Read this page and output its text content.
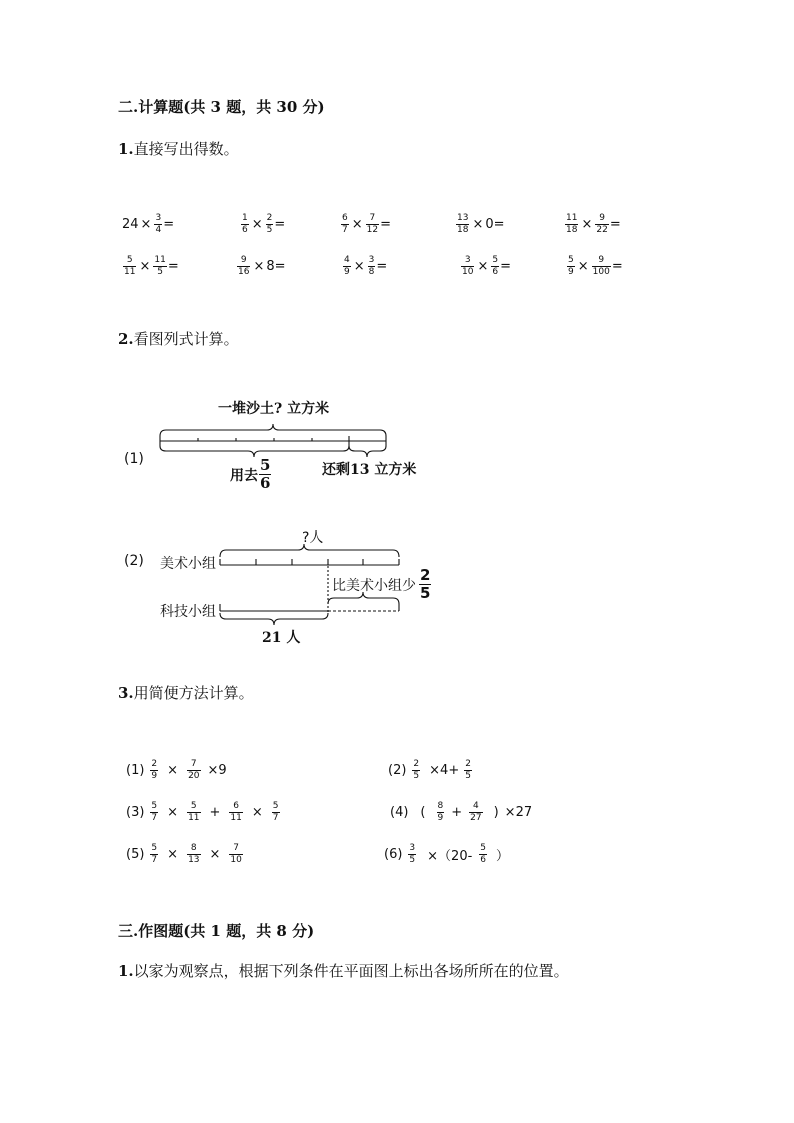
二.计算题(共 3 题，共 30 分)
1.直接写出得数。
$24 \times \frac{3}{4}$ =	$\frac{1}{6} \times \frac{2}{5}$ =	$\frac{6}{7} \times \frac{7}{12}$ =	$\frac{13}{18} \times 0$ =	$\frac{11}{18} \times \frac{9}{22}$ =
$\frac{5}{11} \times \frac{11}{5}$ =	$\frac{9}{16} \times 8$ =	$\frac{4}{9} \times \frac{3}{8}$ =	$\frac{3}{10} \times \frac{5}{6}$ =	$\frac{5}{9} \times \frac{9}{100}$ =
2.看图列式计算。
(1)
一堆沙土? 立方米
用去 $\frac{5}{6}$	还剩13 立方米
(2) 美术小组
?人
科技小组
比美术小组少 $\frac{2}{5}$
21 人
3.用简便方法计算。
$(1) \frac{2}{9} \times \frac{7}{20} \times 9$	$(2) \frac{2}{5} \times 4+ \frac{2}{5}$
$(3) \frac{5}{7} \times \frac{5}{11} + \frac{6}{11} \times \frac{5}{7}$	(4) ( $\frac{8}{9} + \frac{4}{27}$ ) ×27
$(5) \frac{5}{7} \times \frac{8}{13} \times \frac{7}{10}$	$(6) \frac{3}{5} \times(20- \frac{5}{6}$ ）
三.作图题(共 1 题，共 8 分)
1.以家为观察点，根据下列条件在平面图上标出各场所所在的位置。
